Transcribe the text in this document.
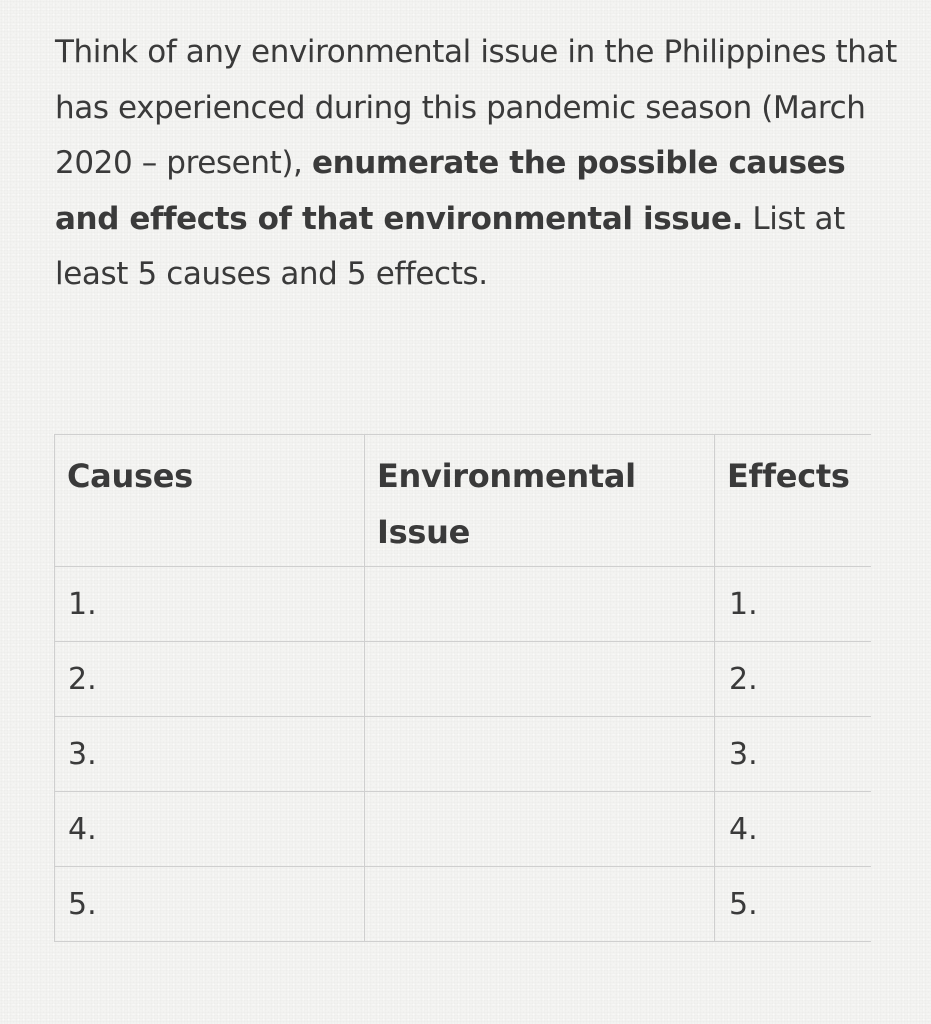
Think of any environmental issue in the Philippines that has experienced during this pandemic season (March 2020 – present), enumerate the possible causes and effects of that environmental issue. List at least 5 causes and 5 effects.

Causes	Environmental Issue	Effects

1.		1.

2.		2.

3.		3.

4.		4.

5.		5.
